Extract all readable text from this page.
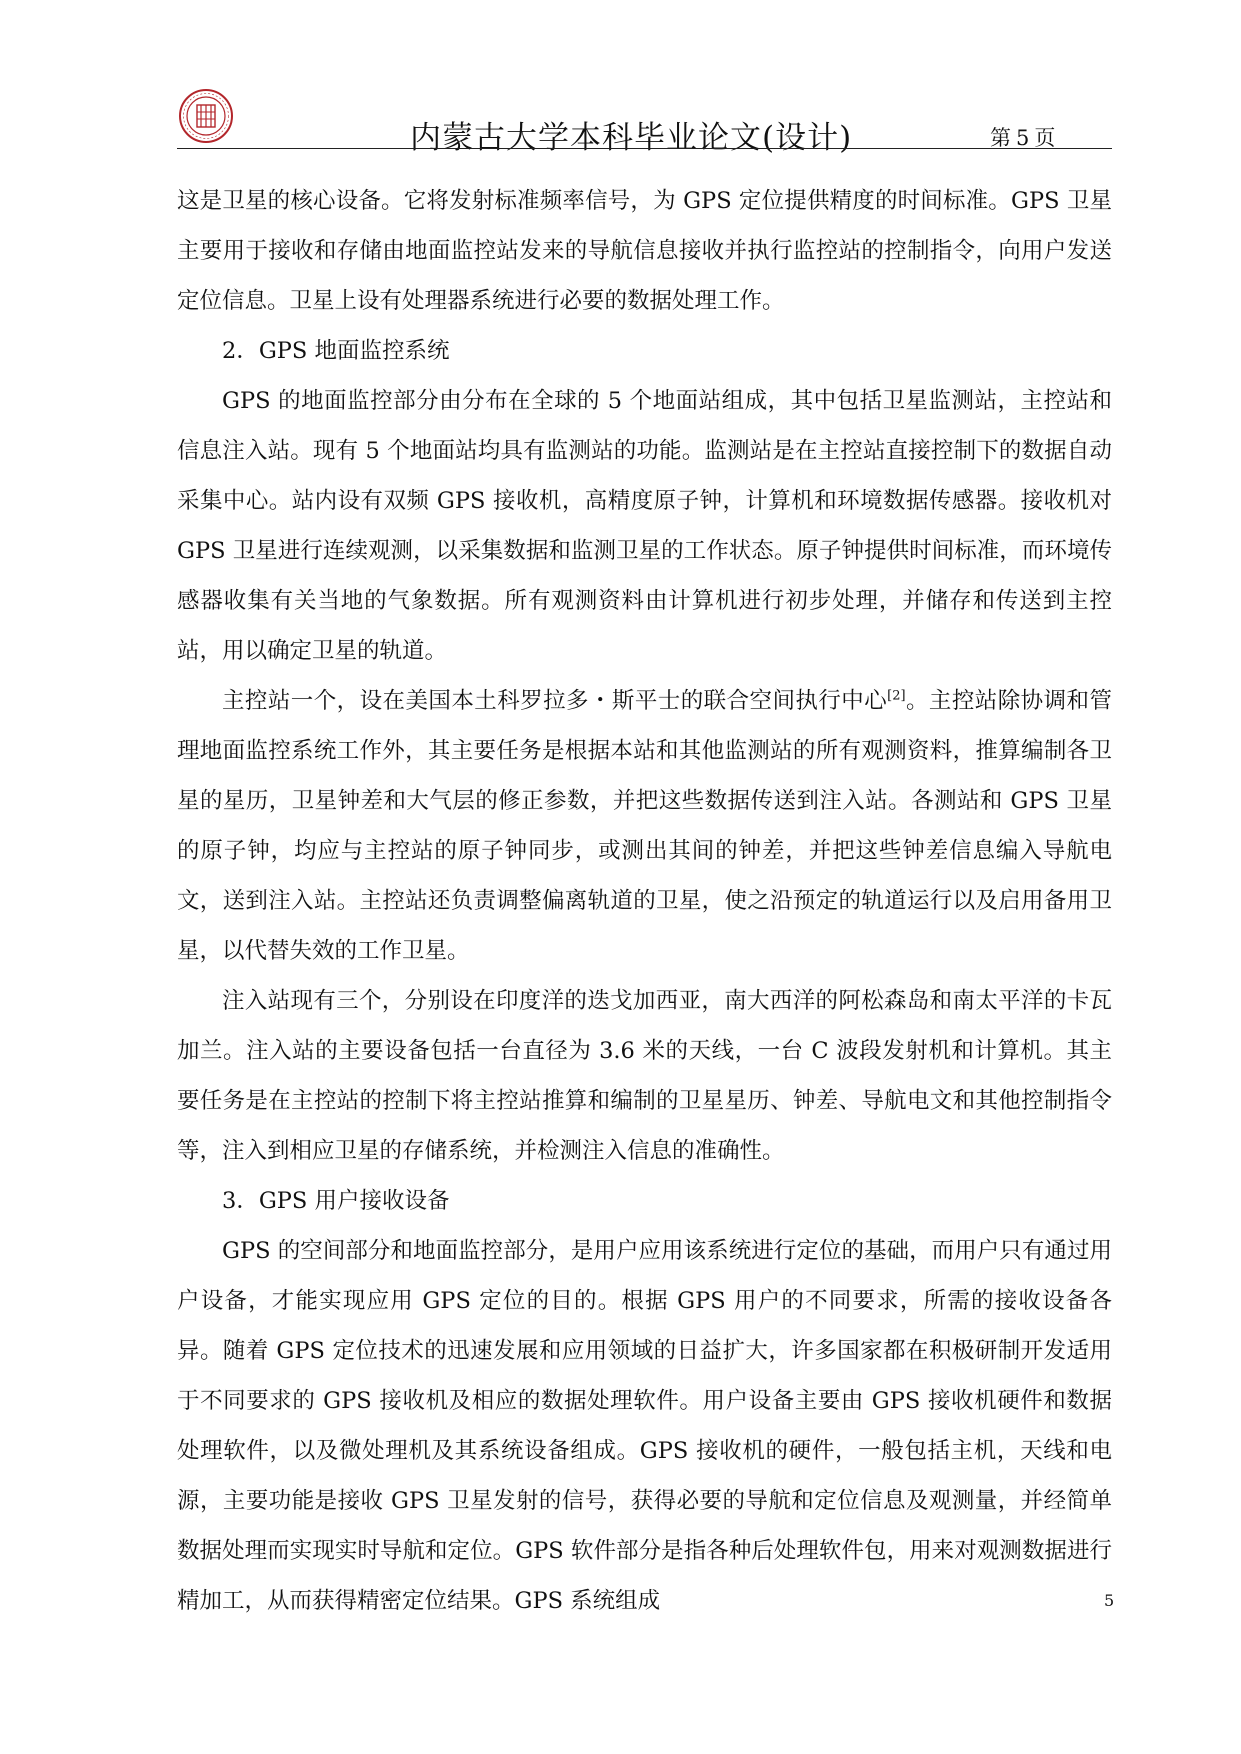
内蒙古大学本科毕业论文(设计)	第 5 页

这是卫星的核心设备。它将发射标准频率信号，为 GPS 定位提供精度的时间标准。GPS 卫星主要用于接收和存储由地面监控站发来的导航信息接收并执行监控站的控制指令，向用户发送定位信息。卫星上设有处理器系统进行必要的数据处理工作。

2．GPS 地面监控系统

GPS 的地面监控部分由分布在全球的 5 个地面站组成，其中包括卫星监测站，主控站和信息注入站。现有 5 个地面站均具有监测站的功能。监测站是在主控站直接控制下的数据自动采集中心。站内设有双频 GPS 接收机，高精度原子钟，计算机和环境数据传感器。接收机对 GPS 卫星进行连续观测，以采集数据和监测卫星的工作状态。原子钟提供时间标准，而环境传感器收集有关当地的气象数据。所有观测资料由计算机进行初步处理，并储存和传送到主控站，用以确定卫星的轨道。

主控站一个，设在美国本土科罗拉多・斯平士的联合空间执行中心[2]。主控站除协调和管理地面监控系统工作外，其主要任务是根据本站和其他监测站的所有观测资料，推算编制各卫星的星历，卫星钟差和大气层的修正参数，并把这些数据传送到注入站。各测站和 GPS 卫星的原子钟，均应与主控站的原子钟同步，或测出其间的钟差，并把这些钟差信息编入导航电文，送到注入站。主控站还负责调整偏离轨道的卫星，使之沿预定的轨道运行以及启用备用卫星，以代替失效的工作卫星。

注入站现有三个，分别设在印度洋的迭戈加西亚，南大西洋的阿松森岛和南太平洋的卡瓦加兰。注入站的主要设备包括一台直径为 3.6 米的天线，一台 C 波段发射机和计算机。其主要任务是在主控站的控制下将主控站推算和编制的卫星星历、钟差、导航电文和其他控制指令等，注入到相应卫星的存储系统，并检测注入信息的准确性。

3．GPS 用户接收设备

GPS 的空间部分和地面监控部分，是用户应用该系统进行定位的基础，而用户只有通过用户设备，才能实现应用 GPS 定位的目的。根据 GPS 用户的不同要求，所需的接收设备各异。随着 GPS 定位技术的迅速发展和应用领域的日益扩大，许多国家都在积极研制开发适用于不同要求的 GPS 接收机及相应的数据处理软件。用户设备主要由 GPS 接收机硬件和数据处理软件，以及微处理机及其系统设备组成。GPS 接收机的硬件，一般包括主机，天线和电源，主要功能是接收 GPS 卫星发射的信号，获得必要的导航和定位信息及观测量，并经简单数据处理而实现实时导航和定位。GPS 软件部分是指各种后处理软件包，用来对观测数据进行精加工，从而获得精密定位结果。GPS 系统组成	5
